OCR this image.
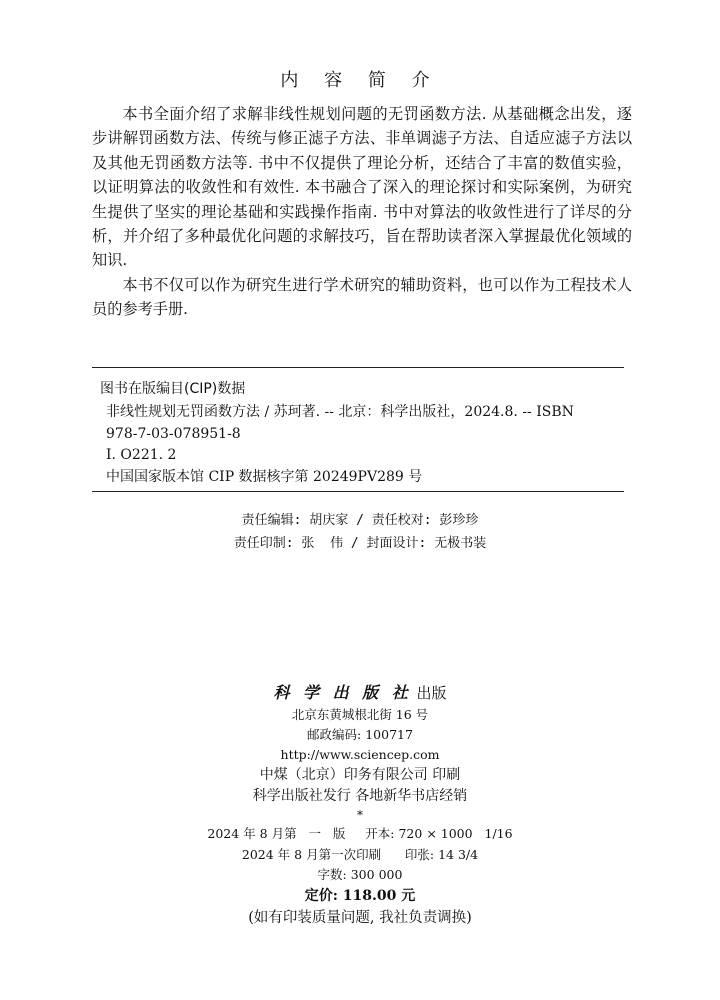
内 容 简 介

本书全面介绍了求解非线性规划问题的无罚函数方法. 从基础概念出发，逐步讲解罚函数方法、传统与修正滤子方法、非单调滤子方法、自适应滤子方法以及其他无罚函数方法等. 书中不仅提供了理论分析，还结合了丰富的数值实验，以证明算法的收敛性和有效性. 本书融合了深入的理论探讨和实际案例，为研究生提供了坚实的理论基础和实践操作指南. 书中对算法的收敛性进行了详尽的分析，并介绍了多种最优化问题的求解技巧，旨在帮助读者深入掌握最优化领域的知识.

本书不仅可以作为研究生进行学术研究的辅助资料，也可以作为工程技术人员的参考手册.

图书在版编目(CIP)数据
非线性规划无罚函数方法 / 苏珂著. -- 北京：科学出版社，2024.8. -- ISBN
978-7-03-078951-8
Ⅰ. O221. 2
中国国家版本馆 CIP 数据核字第 20249PV289 号
责任编辑: 胡庆家 / 责任校对: 彭珍珍
责任印制: 张  伟 / 封面设计: 无极书装
科 学 出 版 社 出版
北京东黄城根北街 16 号
邮政编码: 100717
http://www.sciencep.com
中煤（北京）印务有限公司 印刷
科学出版社发行 各地新华书店经销
*
2024 年 8 月第   一   版     开本: 720 × 1000   1/16
2024 年 8 月第一次印刷      印张: 14 3/4
字数: 300 000
定价: 118.00 元
(如有印装质量问题, 我社负责调换)
